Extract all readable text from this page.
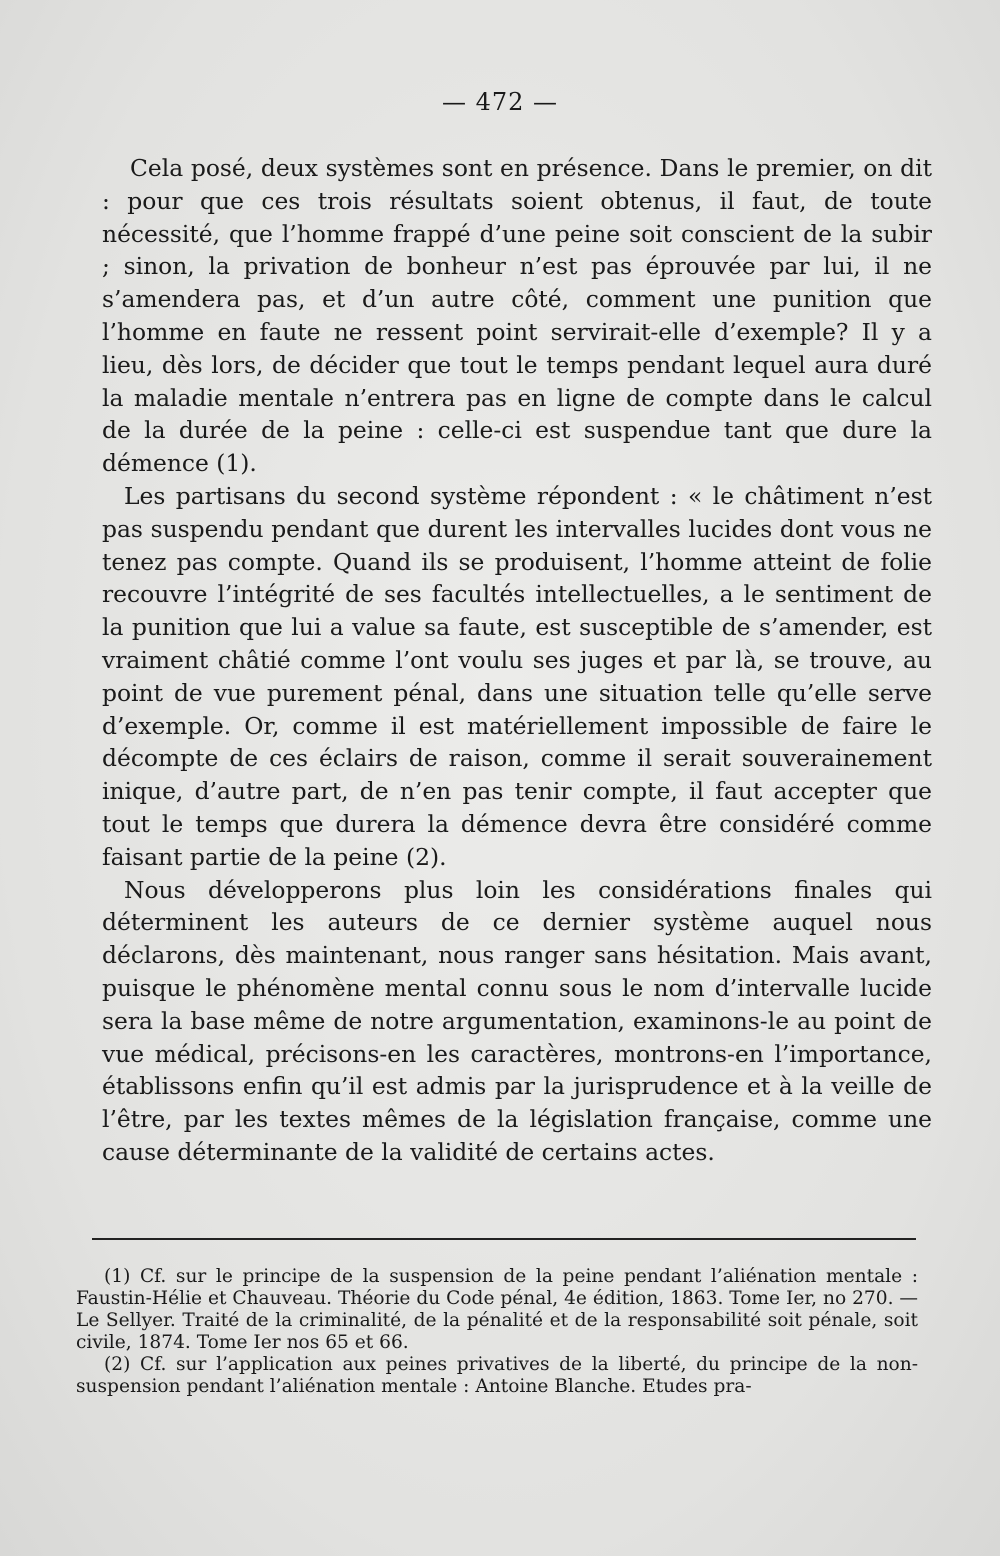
— 472 —

Cela posé, deux systèmes sont en présence. Dans le premier, on dit : pour que ces trois résultats soient obtenus, il faut, de toute nécessité, que l’homme frappé d’une peine soit conscient de la subir ; sinon, la privation de bonheur n’est pas éprouvée par lui, il ne s’amendera pas, et d’un autre côté, comment une punition que l’homme en faute ne ressent point servirait-elle d’exemple? Il y a lieu, dès lors, de décider que tout le temps pendant lequel aura duré la maladie mentale n’entrera pas en ligne de compte dans le calcul de la durée de la peine : celle-ci est suspendue tant que dure la démence (1).

Les partisans du second système répondent : « le châtiment n’est pas suspendu pendant que durent les intervalles lucides dont vous ne tenez pas compte. Quand ils se produisent, l’homme atteint de folie recouvre l’intégrité de ses facultés intellectuelles, a le sentiment de la punition que lui a value sa faute, est susceptible de s’amender, est vraiment châtié comme l’ont voulu ses juges et par là, se trouve, au point de vue purement pénal, dans une situation telle qu’elle serve d’exemple. Or, comme il est matériellement impossible de faire le décompte de ces éclairs de raison, comme il serait souverainement inique, d’autre part, de n’en pas tenir compte, il faut accepter que tout le temps que durera la démence devra être considéré comme faisant partie de la peine (2).

Nous développerons plus loin les considérations finales qui déterminent les auteurs de ce dernier système auquel nous déclarons, dès maintenant, nous ranger sans hésitation. Mais avant, puisque le phénomène mental connu sous le nom d’intervalle lucide sera la base même de notre argumentation, examinons-le au point de vue médical, précisons-en les caractères, montrons-en l’importance, établissons enfin qu’il est admis par la jurisprudence et à la veille de l’être, par les textes mêmes de la législation française, comme une cause déterminante de la validité de certains actes.

(1) Cf. sur le principe de la suspension de la peine pendant l’aliénation mentale : Faustin-Hélie et Chauveau. Théorie du Code pénal, 4e édition, 1863. Tome Ier, no 270. — Le Sellyer. Traité de la criminalité, de la pénalité et de la responsabilité soit pénale, soit civile, 1874. Tome Ier nos 65 et 66.

(2) Cf. sur l’application aux peines privatives de la liberté, du principe de la non-suspension pendant l’aliénation mentale : Antoine Blanche. Etudes pra-
